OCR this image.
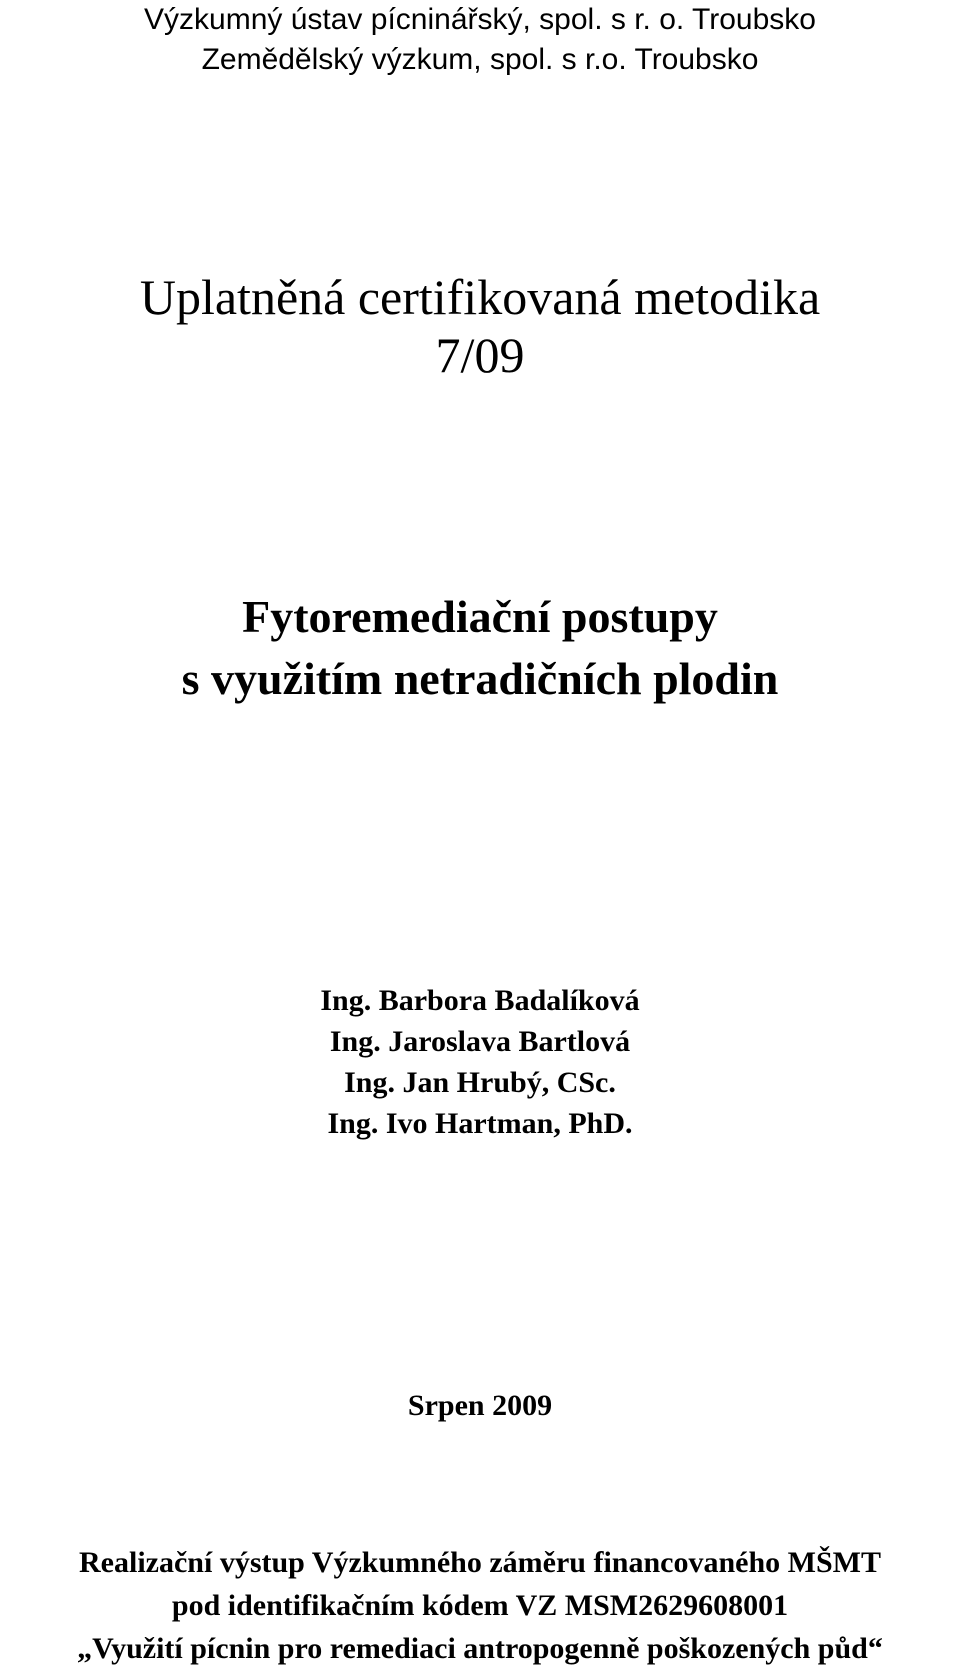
Výzkumný ústav pícninářský, spol. s r. o. Troubsko
Zemědělský výzkum, spol. s r.o. Troubsko
Uplatněná certifikovaná metodika
7/09
Fytoremediační postupy
s využitím netradičních plodin
Ing. Barbora Badalíková
Ing. Jaroslava Bartlová
Ing. Jan Hrubý, CSc.
Ing. Ivo Hartman, PhD.
Srpen 2009
Realizační výstup Výzkumného záměru financovaného MŠMT
pod identifikačním kódem VZ MSM2629608001
„Využití pícnin pro remediaci antropogenně poškozených půd“
